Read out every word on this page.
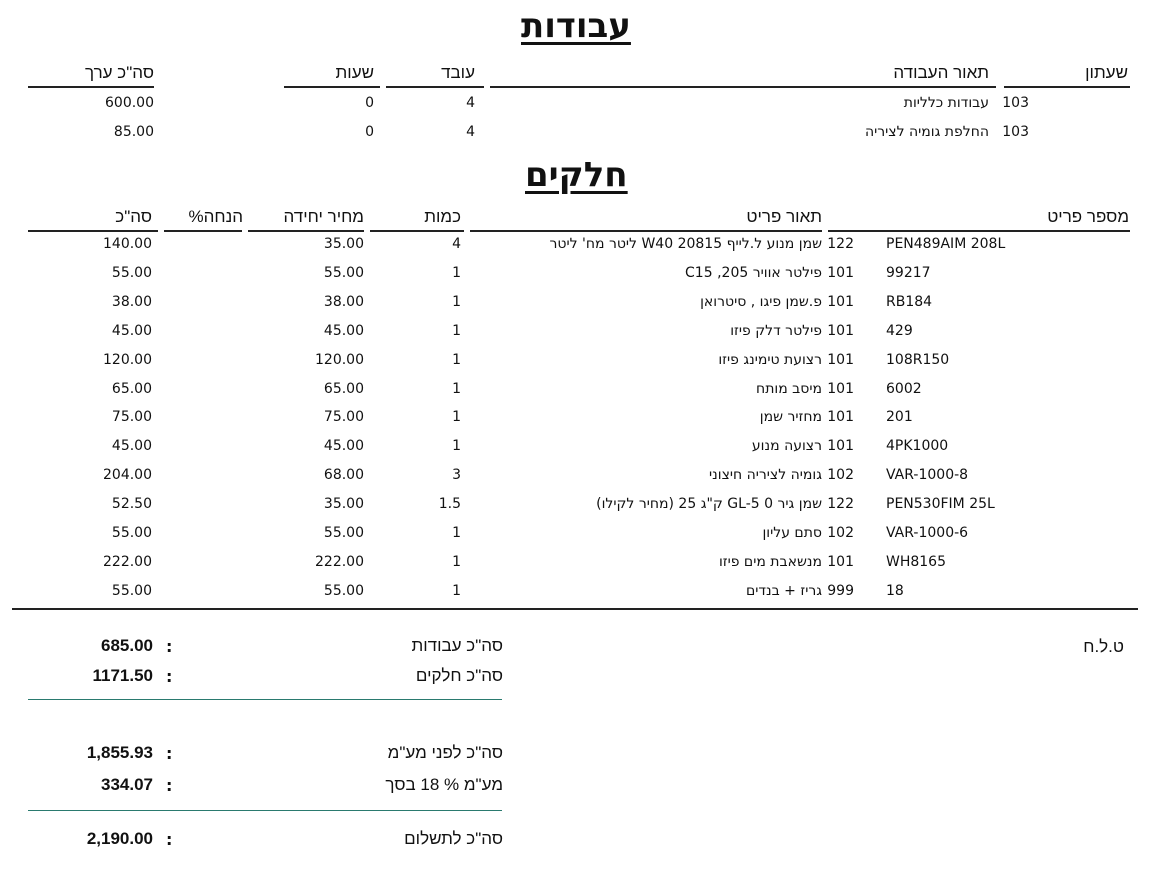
עבודות
שעתון
תאור העבודה
עובד
שעות
סה"כ ערך
103
עבודות כלליות
4
0
600.00
103
החלפת גומיה לציריה
4
0
85.00
חלקים
מספר פריט
תאור פריט
כמות
מחיר יחידה
%הנחה
סה"כ
PEN489AIM 208L
122
שמן מנוע ל.לייף W40 20815 ליטר מח' ליטר
4
35.00
140.00
99217
101
פילטר אוויר 205, C15
1
55.00
55.00
RB184
101
פ.שמן פיגו , סיטרואן
1
38.00
38.00
429
101
פילטר דלק פיזו
1
45.00
45.00
108R150
101
רצועת טימינג פיזו
1
120.00
120.00
6002
101
מיסב מותח
1
65.00
65.00
201
101
מחזיר שמן
1
75.00
75.00
4PK1000
101
רצועה מנוע
1
45.00
45.00
VAR-1000-8
102
גומיה לציריה חיצוני
3
68.00
204.00
PEN530FIM 25L
122
שמן גיר 0 GL-5 ק"ג 25 (מחיר לקילו)
1.5
35.00
52.50
VAR-1000-6
102
סתם עליון
1
55.00
55.00
WH8165
101
מנשאבת מים פיזו
1
222.00
222.00
18
999
גריז + בנדים
1
55.00
55.00
סה"כ עבודות
:
685.00
סה"כ חלקים
:
1171.50
סה"כ לפני מע"מ
:
1,855.93
מע"מ % 18 בסך
:
334.07
סה"כ לתשלום
:
2,190.00
ט.ל.ח
